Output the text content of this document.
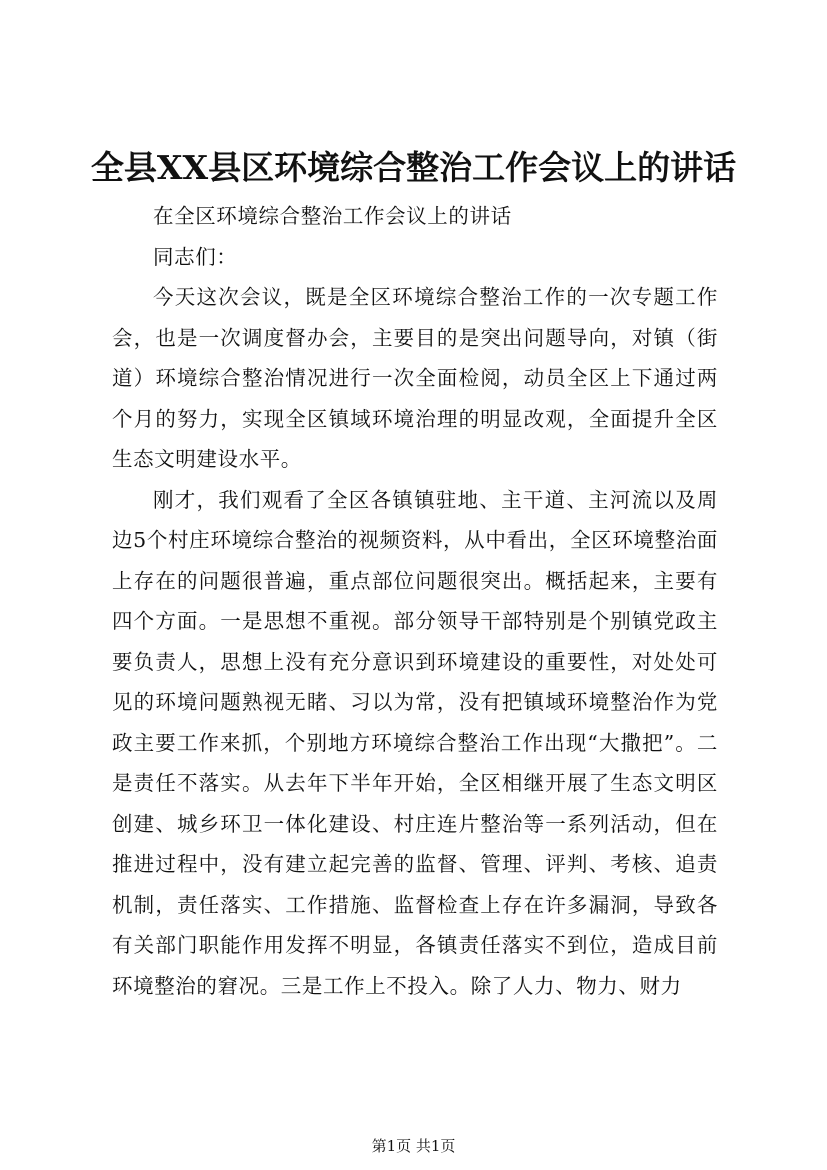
全县XX县区环境综合整治工作会议上的讲话

在全区环境综合整治工作会议上的讲话

同志们：

今天这次会议，既是全区环境综合整治工作的一次专题工作会，也是一次调度督办会，主要目的是突出问题导向，对镇（街道）环境综合整治情况进行一次全面检阅，动员全区上下通过两个月的努力，实现全区镇域环境治理的明显改观，全面提升全区生态文明建设水平。

刚才，我们观看了全区各镇镇驻地、主干道、主河流以及周边5个村庄环境综合整治的视频资料，从中看出，全区环境整治面上存在的问题很普遍，重点部位问题很突出。概括起来，主要有四个方面。一是思想不重视。部分领导干部特别是个别镇党政主要负责人，思想上没有充分意识到环境建设的重要性，对处处可见的环境问题熟视无睹、习以为常，没有把镇域环境整治作为党政主要工作来抓，个别地方环境综合整治工作出现“大撒把”。二是责任不落实。从去年下半年开始，全区相继开展了生态文明区创建、城乡环卫一体化建设、村庄连片整治等一系列活动，但在推进过程中，没有建立起完善的监督、管理、评判、考核、追责机制，责任落实、工作措施、监督检查上存在许多漏洞，导致各有关部门职能作用发挥不明显，各镇责任落实不到位，造成目前环境整治的窘况。三是工作上不投入。除了人力、物力、财力

第1页 共1页
